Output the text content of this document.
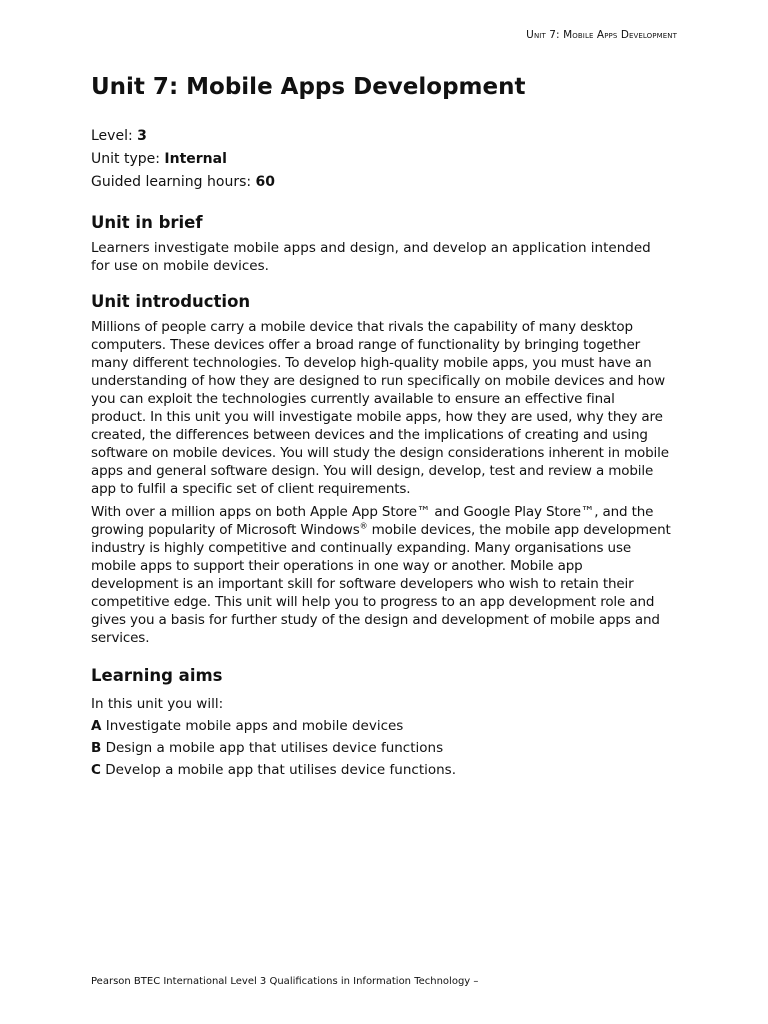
Unit 7: Mobile Apps Development
Unit 7: Mobile Apps Development
Level: 3
Unit type: Internal
Guided learning hours: 60
Unit in brief

Learners investigate mobile apps and design, and develop an application intended for use on mobile devices.

Unit introduction

Millions of people carry a mobile device that rivals the capability of many desktop computers. These devices offer a broad range of functionality by bringing together many different technologies. To develop high-quality mobile apps, you must have an understanding of how they are designed to run specifically on mobile devices and how you can exploit the technologies currently available to ensure an effective final product. In this unit you will investigate mobile apps, how they are used, why they are created, the differences between devices and the implications of creating and using software on mobile devices. You will study the design considerations inherent in mobile apps and general software design. You will design, develop, test and review a mobile app to fulfil a specific set of client requirements.

With over a million apps on both Apple App Store™ and Google Play Store™, and the growing popularity of Microsoft Windows® mobile devices, the mobile app development industry is highly competitive and continually expanding. Many organisations use mobile apps to support their operations in one way or another. Mobile app development is an important skill for software developers who wish to retain their competitive edge. This unit will help you to progress to an app development role and gives you a basis for further study of the design and development of mobile apps and services.

Learning aims

In this unit you will:

A Investigate mobile apps and mobile devices
B Design a mobile app that utilises device functions
C Develop a mobile app that utilises device functions.
Pearson BTEC International Level 3 Qualifications in Information Technology –
